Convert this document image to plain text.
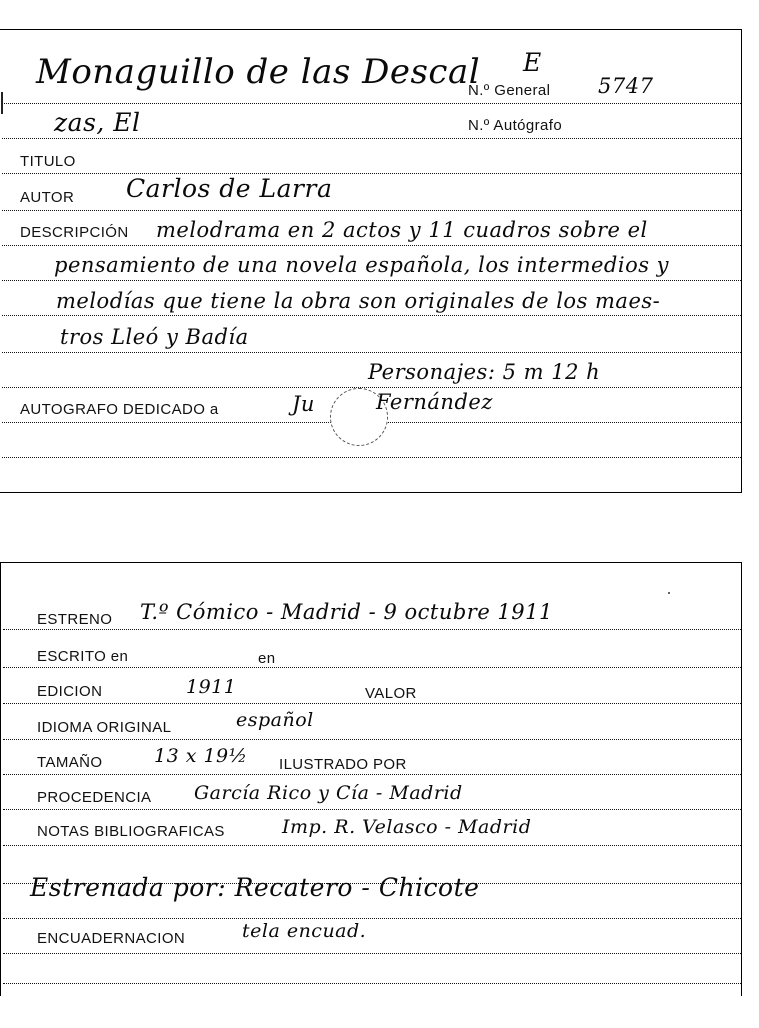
Monaguillo de las Descal
zas, El
E
N.º General 5747
N.º Autógrafo
TITULO
AUTOR Carlos de Larra
DESCRIPCIÓN melodrama en 2 actos y 11 cuadros sobre el
pensamiento de una novela española, los intermedios y
melodías que tiene la obra son originales de los maes-
tros Lleó y Badía
Personajes: 5 m 12 h
AUTOGRAFO DEDICADO a	Ju	Fernández
ESTRENO T.º Cómico - Madrid - 9 octubre 1911
ESCRITO en	en
EDICION	1911	VALOR
IDIOMA ORIGINAL	español
TAMAÑO	13 x 19½ ILUSTRADO POR
PROCEDENCIA García Rico y Cía - Madrid
NOTAS BIBLIOGRAFICAS	Imp. R. Velasco - Madrid
Estrenada por: Recatero - Chicote
ENCUADERNACION	tela encuad.
